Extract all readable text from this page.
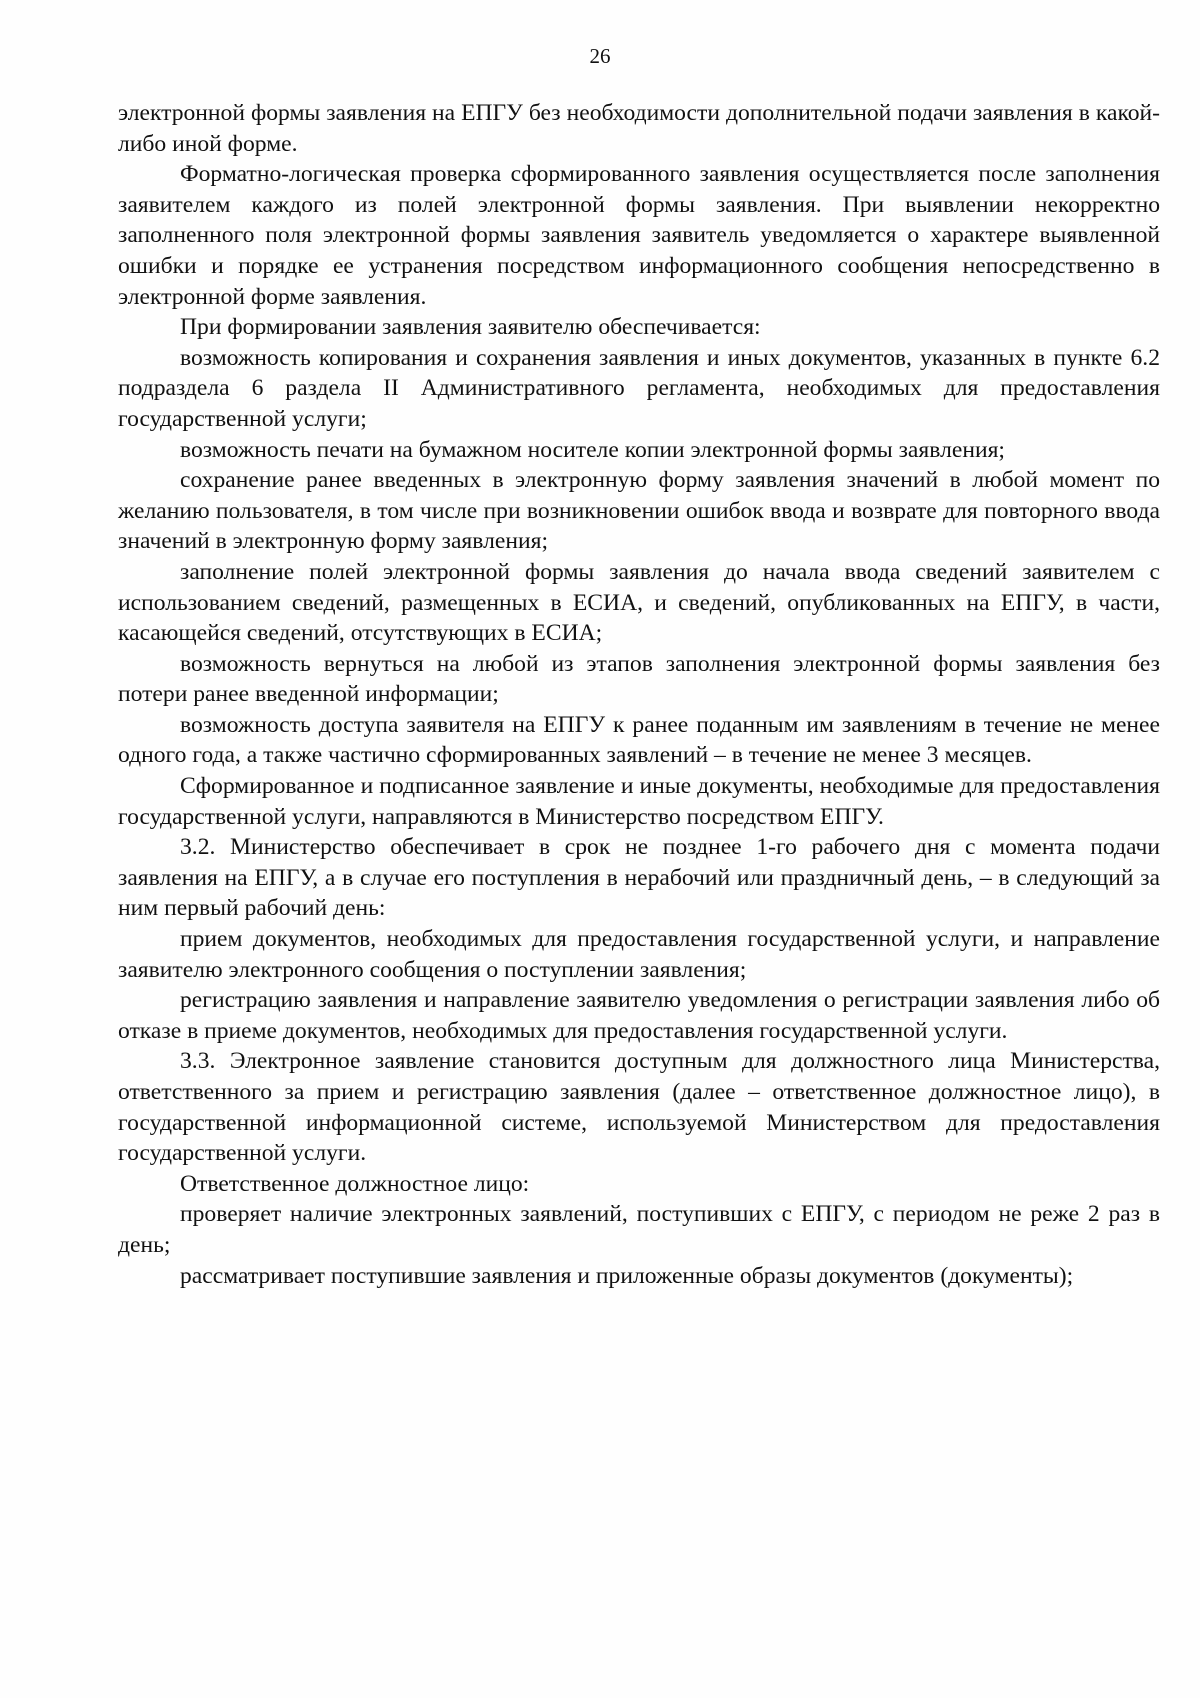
26

электронной формы заявления на ЕПГУ без необходимости дополнительной подачи заявления в какой-либо иной форме.

Форматно-логическая проверка сформированного заявления осуществляется после заполнения заявителем каждого из полей электронной формы заявления. При выявлении некорректно заполненного поля электронной формы заявления заявитель уведомляется о характере выявленной ошибки и порядке ее устранения посредством информационного сообщения непосредственно в электронной форме заявления.

При формировании заявления заявителю обеспечивается:

возможность копирования и сохранения заявления и иных документов, указанных в пункте 6.2 подраздела 6 раздела II Административного регламента, необходимых для предоставления государственной услуги;

возможность печати на бумажном носителе копии электронной формы заявления;

сохранение ранее введенных в электронную форму заявления значений в любой момент по желанию пользователя, в том числе при возникновении ошибок ввода и возврате для повторного ввода значений в электронную форму заявления;

заполнение полей электронной формы заявления до начала ввода сведений заявителем с использованием сведений, размещенных в ЕСИА, и сведений, опубликованных на ЕПГУ, в части, касающейся сведений, отсутствующих в ЕСИА;

возможность вернуться на любой из этапов заполнения электронной формы заявления без потери ранее введенной информации;

возможность доступа заявителя на ЕПГУ к ранее поданным им заявлениям в течение не менее одного года, а также частично сформированных заявлений – в течение не менее 3 месяцев.

Сформированное и подписанное заявление и иные документы, необходимые для предоставления государственной услуги, направляются в Министерство посредством ЕПГУ.

3.2. Министерство обеспечивает в срок не позднее 1-го рабочего дня с момента подачи заявления на ЕПГУ, а в случае его поступления в нерабочий или праздничный день, – в следующий за ним первый рабочий день:

прием документов, необходимых для предоставления государственной услуги, и направление заявителю электронного сообщения о поступлении заявления;

регистрацию заявления и направление заявителю уведомления о регистрации заявления либо об отказе в приеме документов, необходимых для предоставления государственной услуги.

3.3. Электронное заявление становится доступным для должностного лица Министерства, ответственного за прием и регистрацию заявления (далее – ответственное должностное лицо), в государственной информационной системе, используемой Министерством для предоставления государственной услуги.

Ответственное должностное лицо:

проверяет наличие электронных заявлений, поступивших с ЕПГУ, с периодом не реже 2 раз в день;

рассматривает поступившие заявления и приложенные образы документов (документы);
